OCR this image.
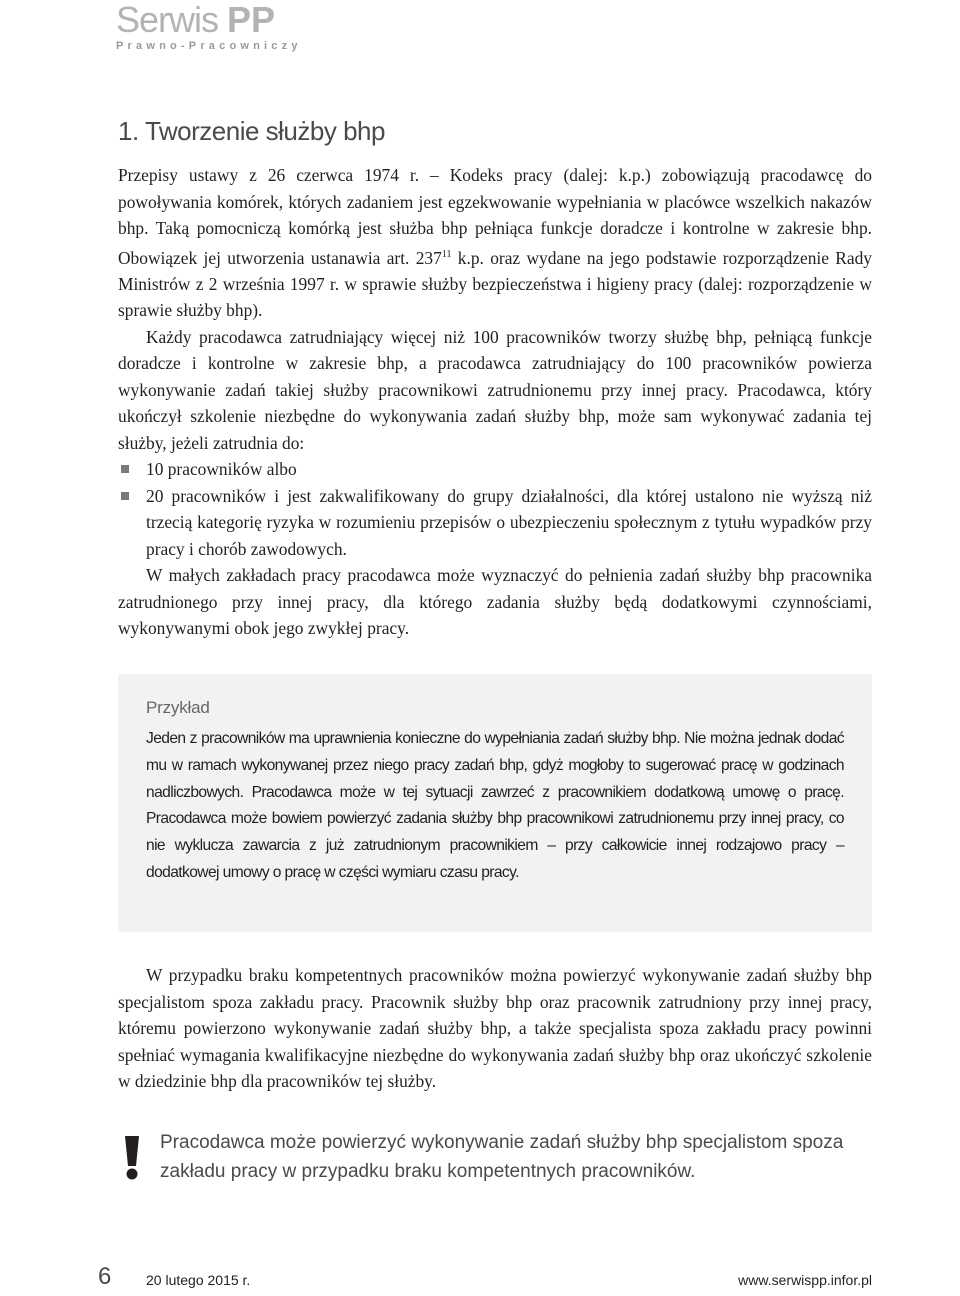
Serwis PP
Prawno-Pracowniczy
1. Tworzenie służby bhp

Przepisy ustawy z 26 czerwca 1974 r. – Kodeks pracy (dalej: k.p.) zobowiązują pracodawcę do powoływania komórek, których zadaniem jest egzekwowanie wypełniania w placówce wszelkich nakazów bhp. Taką pomocniczą komórką jest służba bhp pełniąca funkcje doradcze i kontrolne w zakresie bhp. Obowiązek jej utworzenia ustanawia art. $237^{11}$ k.p. oraz wydane na jego podstawie rozporządzenie Rady Ministrów z 2 września 1997 r. w sprawie służby bezpieczeństwa i higieny pracy (dalej: rozporządzenie w sprawie służby bhp).

Każdy pracodawca zatrudniający więcej niż 100 pracowników tworzy służbę bhp, pełniącą funkcje doradcze i kontrolne w zakresie bhp, a pracodawca zatrudniający do 100 pracowników powierza wykonywanie zadań takiej służby pracownikowi zatrudnionemu przy innej pracy. Pracodawca, który ukończył szkolenie niezbędne do wykonywania zadań służby bhp, może sam wykonywać zadania tej służby, jeżeli zatrudnia do:

10 pracowników albo
20 pracowników i jest zakwalifikowany do grupy działalności, dla której ustalono nie wyższą niż trzecią kategorię ryzyka w rozumieniu przepisów o ubezpieczeniu społecznym z tytułu wypadków przy pracy i chorób zawodowych.

W małych zakładach pracy pracodawca może wyznaczyć do pełnienia zadań służby bhp pracownika zatrudnionego przy innej pracy, dla którego zadania służby będą dodatkowymi czynnościami, wykonywanymi obok jego zwykłej pracy.

Przykład
Jeden z pracowników ma uprawnienia konieczne do wypełniania zadań służby bhp. Nie można jednak dodać mu w ramach wykonywanej przez niego pracy zadań bhp, gdyż mogłoby to sugerować pracę w godzinach nadliczbowych. Pracodawca może w tej sytuacji zawrzeć z pracownikiem dodatkową umowę o pracę. Pracodawca może bowiem powierzyć zadania służby bhp pracownikowi zatrudnionemu przy innej pracy, co nie wyklucza zawarcia z już zatrudnionym pracownikiem – przy całkowicie innej rodzajowo pracy – dodatkowej umowy o pracę w części wymiaru czasu pracy.

W przypadku braku kompetentnych pracowników można powierzyć wykonywanie zadań służby bhp specjalistom spoza zakładu pracy. Pracownik służby bhp oraz pracownik zatrudniony przy innej pracy, któremu powierzono wykonywanie zadań służby bhp, a także specjalista spoza zakładu pracy powinni spełniać wymagania kwalifikacyjne niezbędne do wykonywania zadań służby bhp oraz ukończyć szkolenie w dziedzinie bhp dla pracowników tej służby.

Pracodawca może powierzyć wykonywanie zadań służby bhp specjalistom spoza zakładu pracy w przypadku braku kompetentnych pracowników.
6 20 lutego 2015 r.	www.serwispp.infor.pl
